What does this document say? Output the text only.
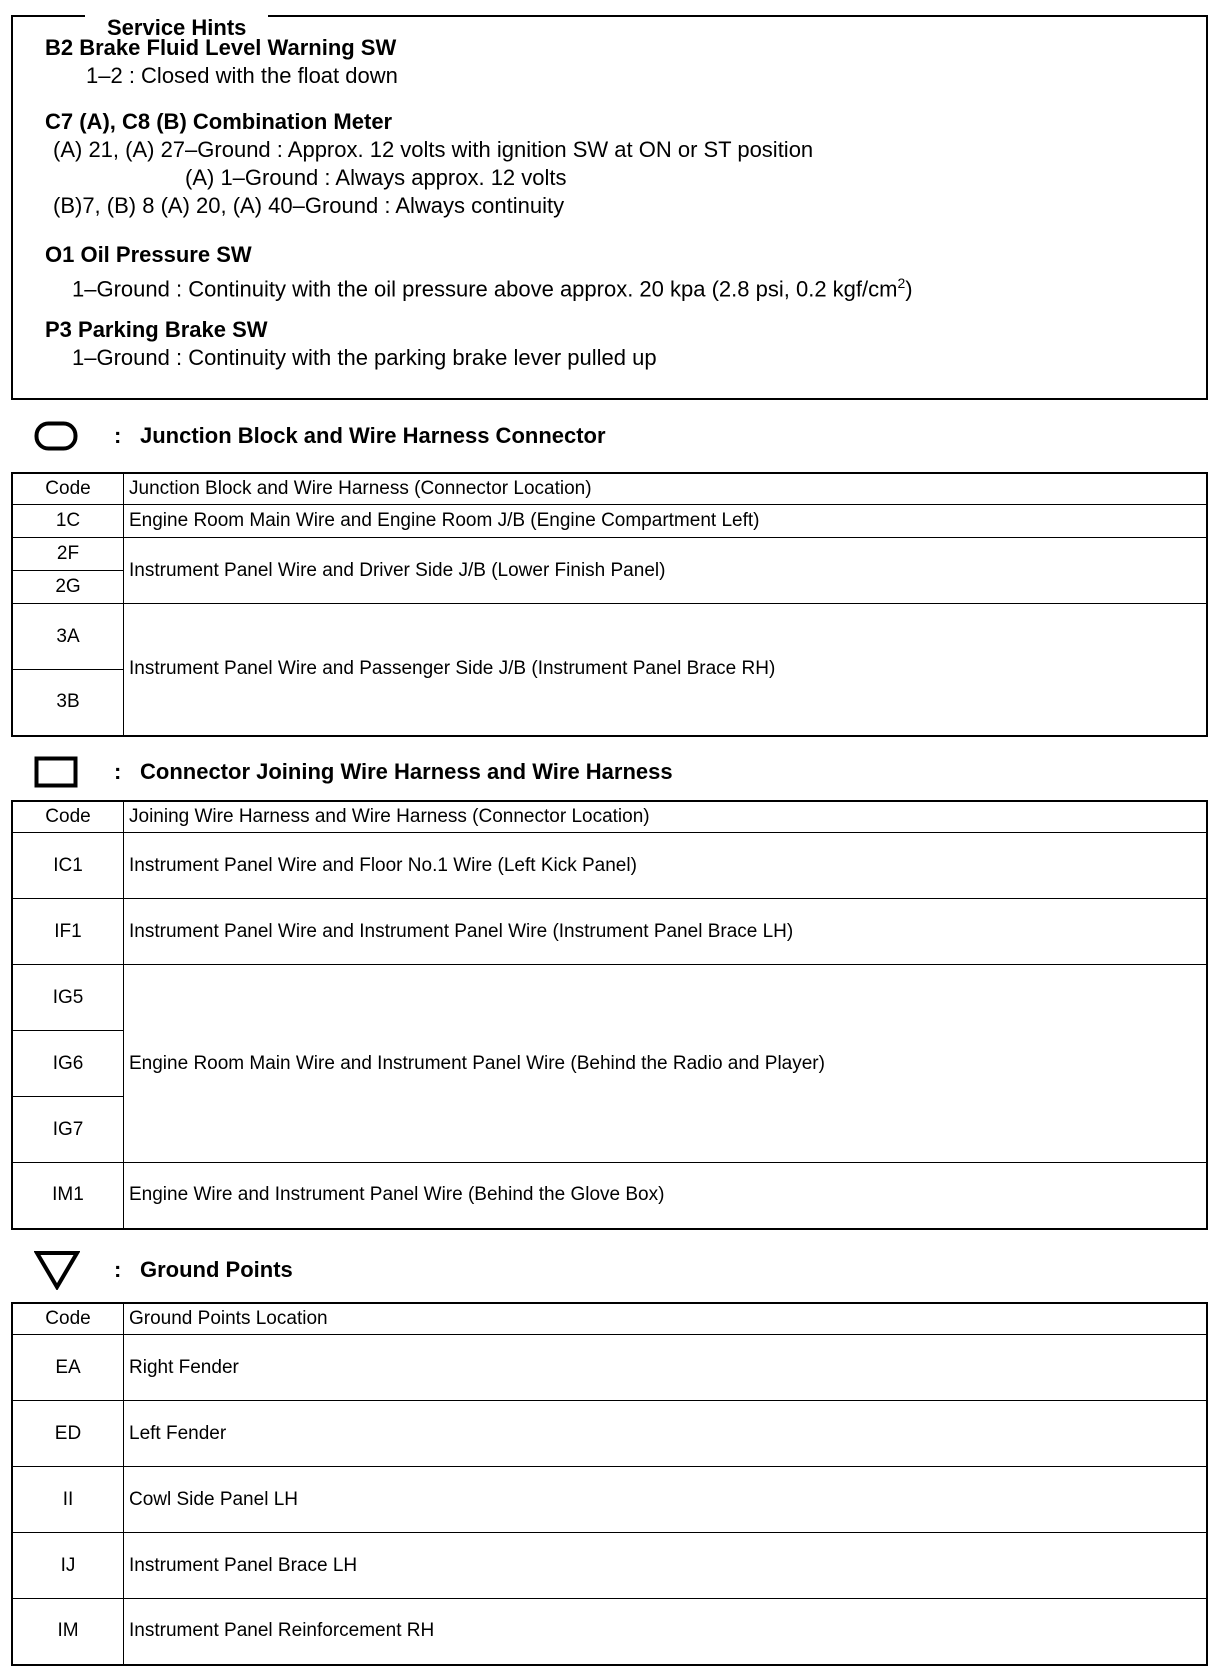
Service Hints
B2 Brake Fluid Level Warning SW
1–2 : Closed with the float down
C7 (A), C8 (B) Combination Meter
(A) 21, (A) 27–Ground : Approx. 12 volts with ignition SW at ON or ST position
(A) 1–Ground : Always approx. 12 volts
(B)7, (B) 8 (A) 20, (A) 40–Ground : Always continuity
O1 Oil Pressure SW
1–Ground : Continuity with the oil pressure above approx. 20 kpa (2.8 psi, 0.2 kgf/$cm^2$)
P3 Parking Brake SW
1–Ground : Continuity with the parking brake lever pulled up
: Junction Block and Wire Harness Connector
Code	Junction Block and Wire Harness (Connector Location)
1C	Engine Room Main Wire and Engine Room J/B (Engine Compartment Left)
2F	Instrument Panel Wire and Driver Side J/B (Lower Finish Panel)
2G	
3A	Instrument Panel Wire and Passenger Side J/B (Instrument Panel Brace RH)
3B	
: Connector Joining Wire Harness and Wire Harness
Code	Joining Wire Harness and Wire Harness (Connector Location)
IC1	Instrument Panel Wire and Floor No.1 Wire (Left Kick Panel)
IF1	Instrument Panel Wire and Instrument Panel Wire (Instrument Panel Brace LH)
IG5	Engine Room Main Wire and Instrument Panel Wire (Behind the Radio and Player)
IG6	
IG7	
IM1	Engine Wire and Instrument Panel Wire (Behind the Glove Box)
: Ground Points
Code	Ground Points Location
EA	Right Fender
ED	Left Fender
II	Cowl Side Panel LH
IJ	Instrument Panel Brace LH
IM	Instrument Panel Reinforcement RH
